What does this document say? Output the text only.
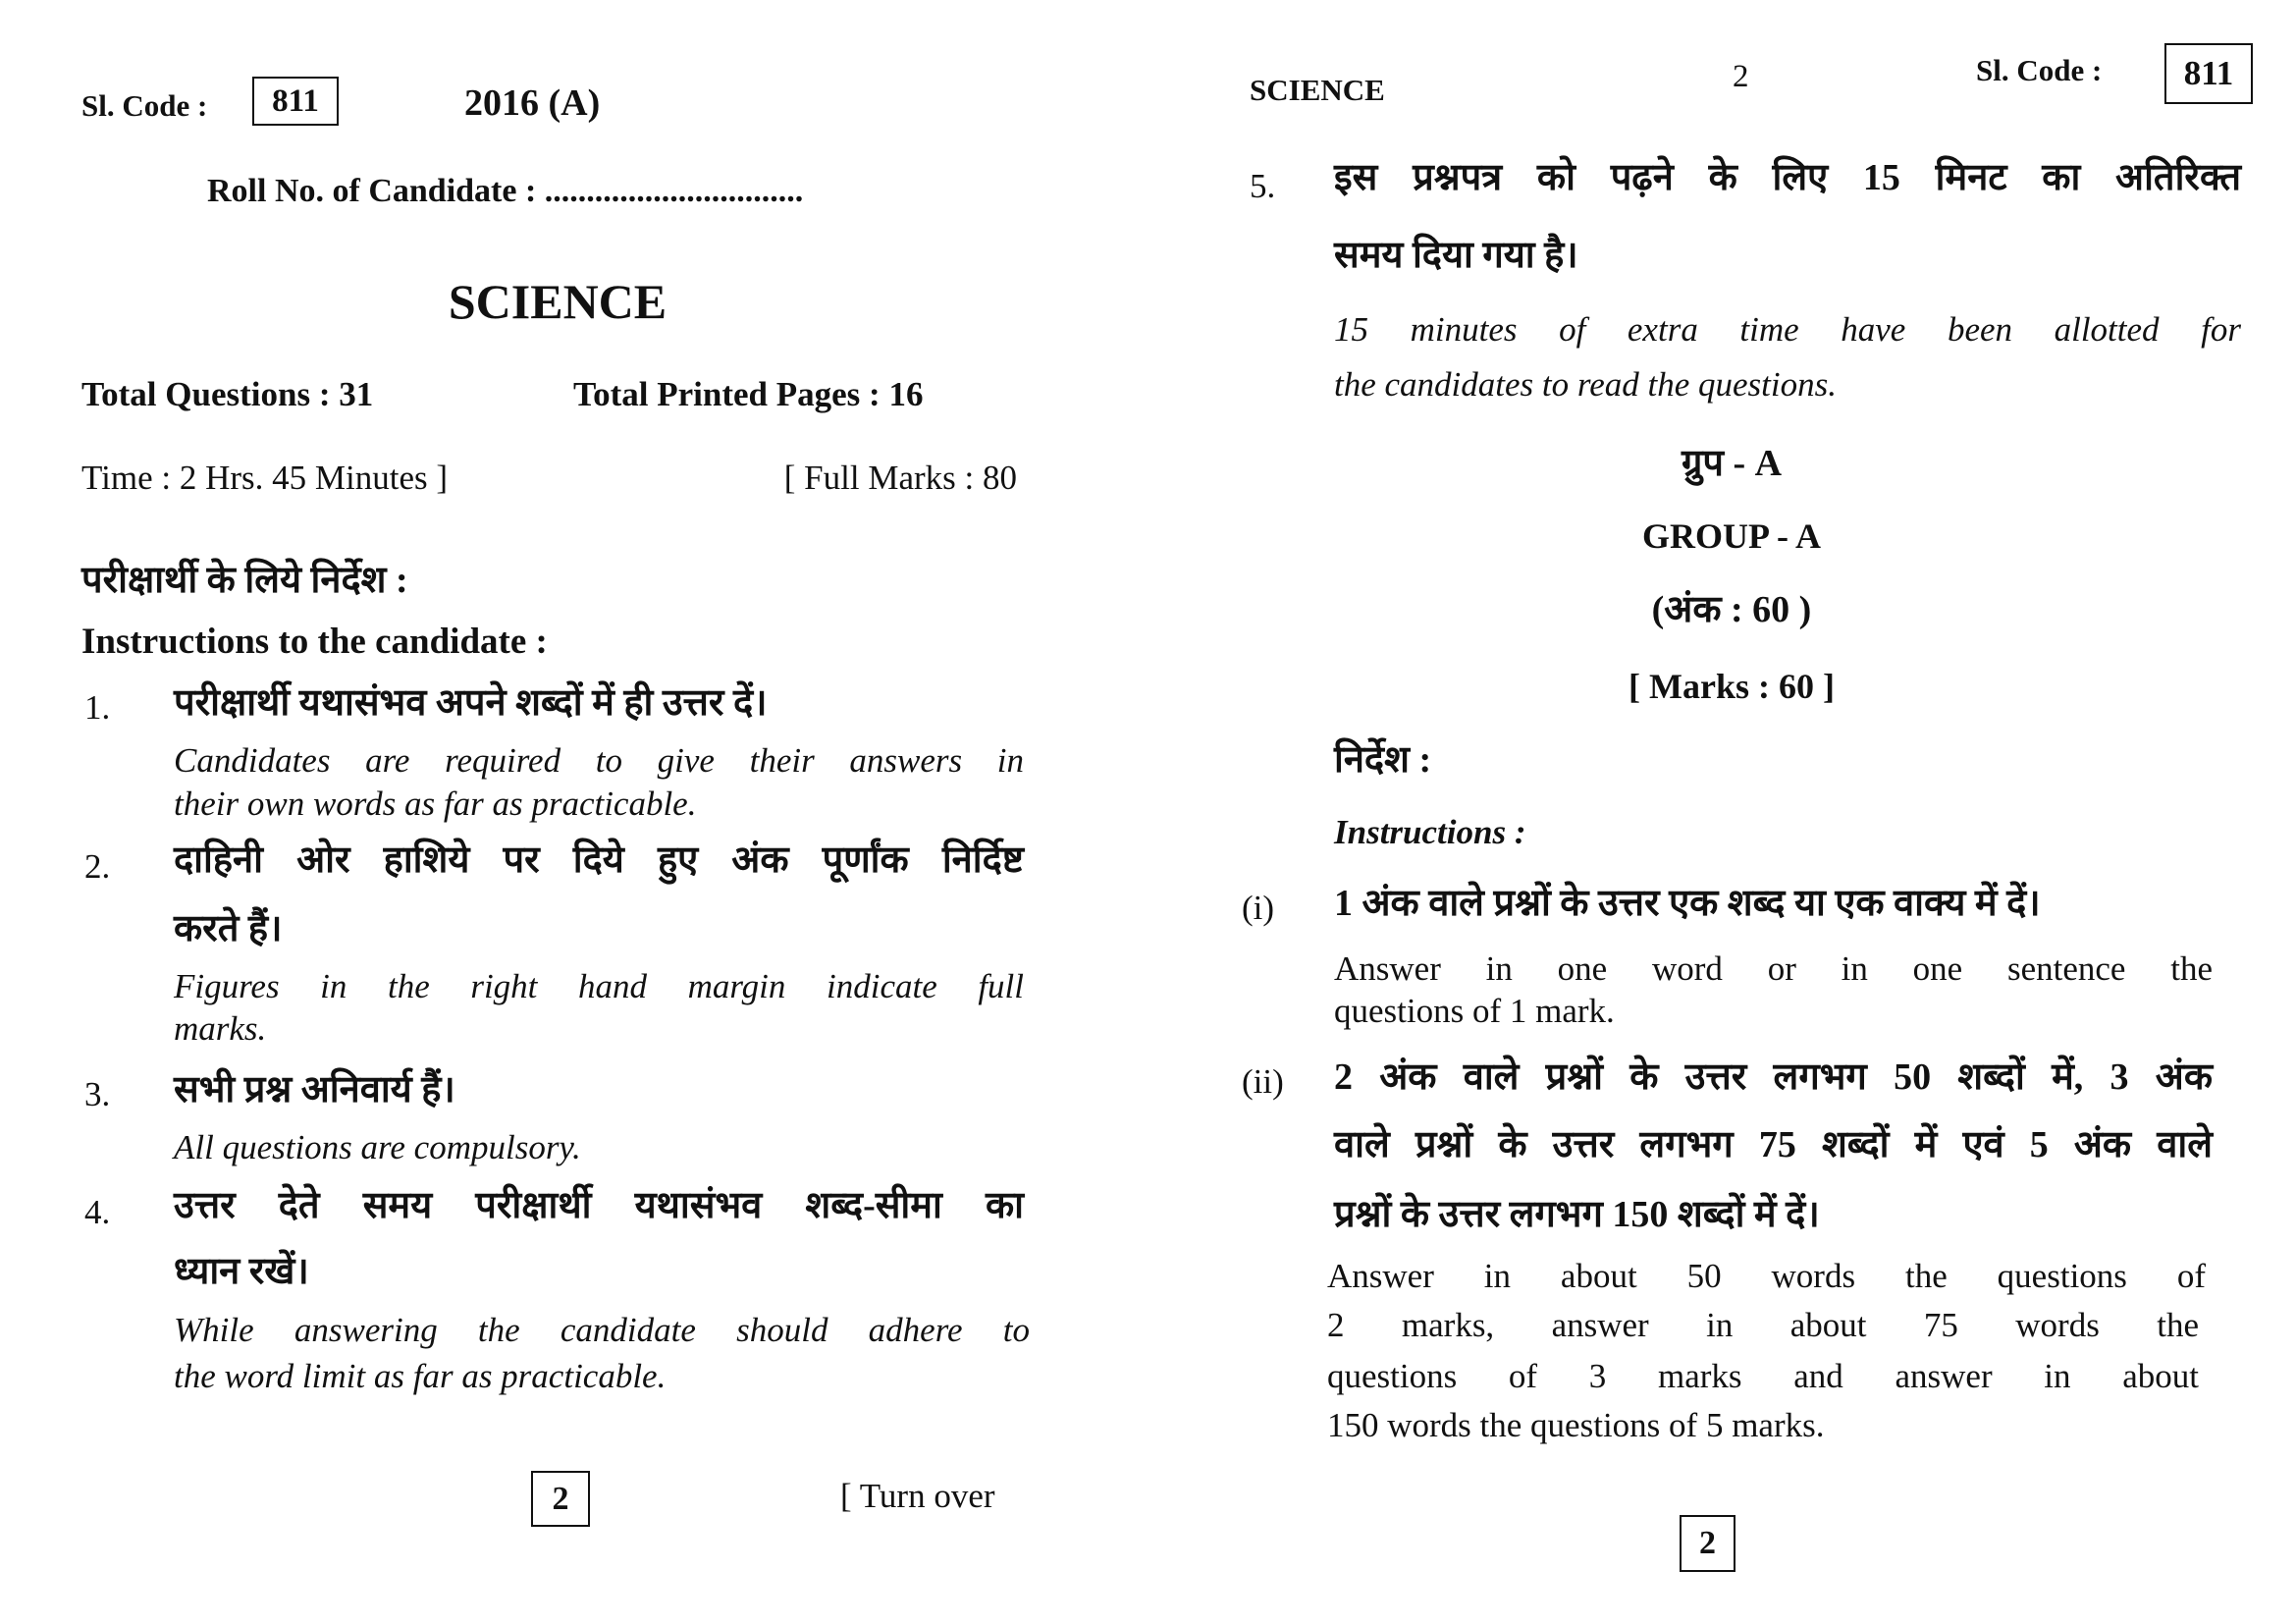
Sl. Code :	811	2016 (A)
Roll No. of Candidate : ...............................
SCIENCE
Total Questions : 31	Total Printed Pages : 16
Time : 2 Hrs. 45 Minutes ]	[ Full Marks : 80
परीक्षार्थी के लिये निर्देश :
Instructions to the candidate :
1. परीक्षार्थी यथासंभव अपने शब्दों में ही उत्तर दें।
Candidates are required to give their answers in
their own words as far as practicable.
2. दाहिनी ओर हाशिये पर दिये हुए अंक पूर्णांक निर्दिष्ट
करते हैं।
Figures in the right hand margin indicate full
marks.
3. सभी प्रश्न अनिवार्य हैं।
All questions are compulsory.
4. उत्तर देते समय परीक्षार्थी यथासंभव शब्द-सीमा का
ध्यान रखें।
While answering the candidate should adhere to
the word limit as far as practicable.
2	[ Turn over
SCIENCE	2	Sl. Code :	811
5. इस प्रश्नपत्र को पढ़ने के लिए 15 मिनट का अतिरिक्त
समय दिया गया है।
15 minutes of extra time have been allotted for
the candidates to read the questions.
ग्रुप - A
GROUP - A
(अंक : 60 )
[ Marks : 60 ]
निर्देश :
Instructions :
(i) 1 अंक वाले प्रश्नों के उत्तर एक शब्द या एक वाक्य में दें।
Answer in one word or in one sentence the
questions of 1 mark.
(ii) 2 अंक वाले प्रश्नों के उत्तर लगभग 50 शब्दों में, 3 अंक
वाले प्रश्नों के उत्तर लगभग 75 शब्दों में एवं 5 अंक वाले
प्रश्नों के उत्तर लगभग 150 शब्दों में दें।
Answer in about 50 words the questions of
2 marks, answer in about 75 words the
questions of 3 marks and answer in about
150 words the questions of 5 marks.
2
